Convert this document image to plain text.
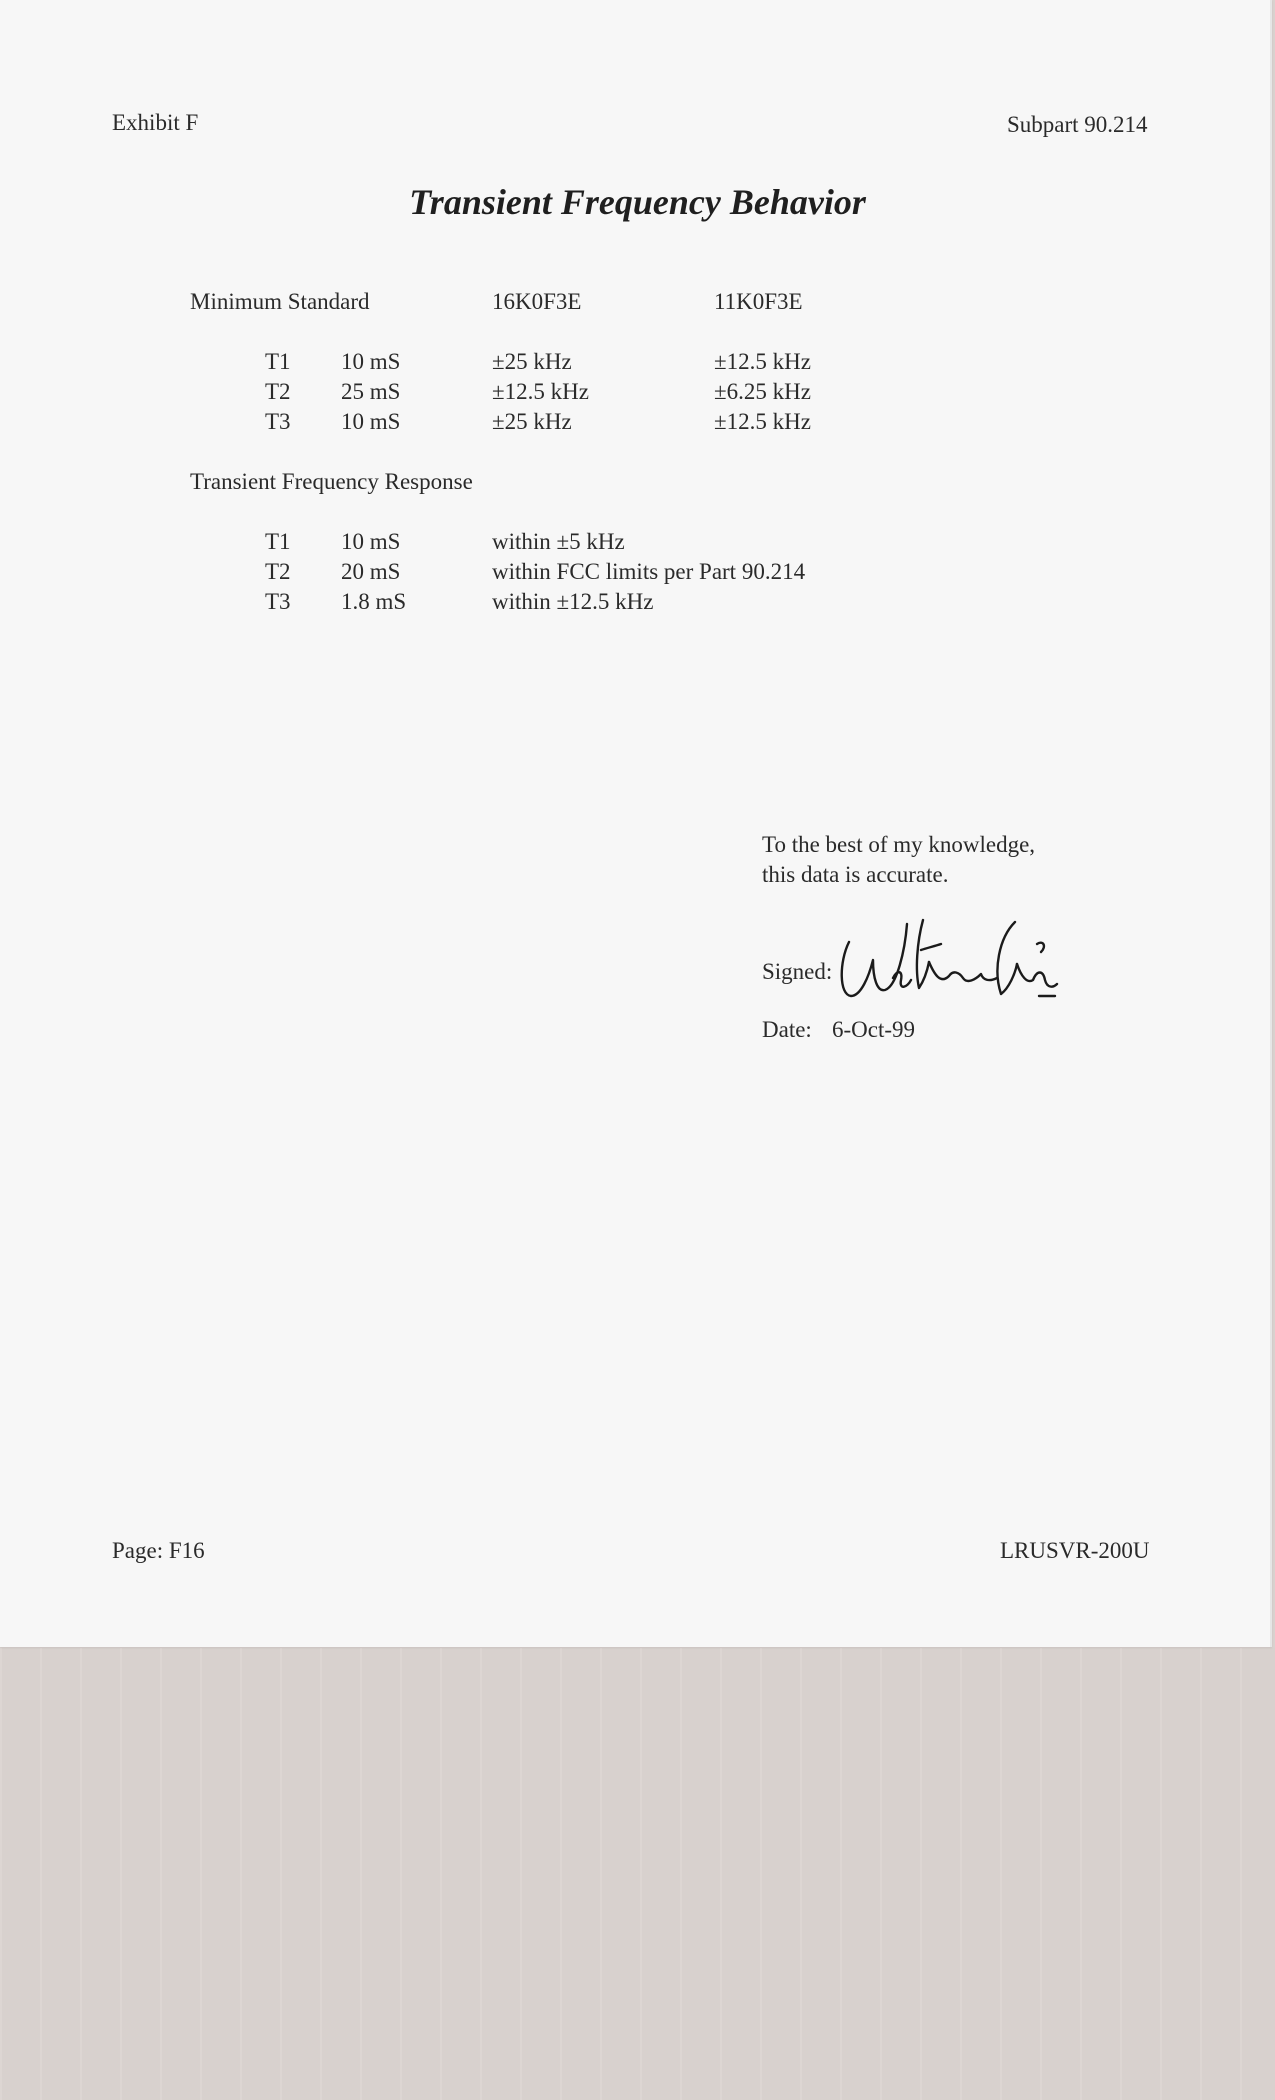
Exhibit F	Subpart 90.214
Transient Frequency Behavior
Minimum Standard	16K0F3E	11K0F3E
T1 10 mS	±25 kHz	±12.5 kHz
T2 25 mS	±12.5 kHz	±6.25 kHz
T3 10 mS	±25 kHz	±12.5 kHz
Transient Frequency Response
T1 10 mS	within ±5 kHz
T2 20 mS	within FCC limits per Part 90.214
T3 1.8 mS	within ±12.5 kHz
To the best of my knowledge,
this data is accurate.
Signed:
Date: 6-Oct-99
Page: F16	LRUSVR-200U
